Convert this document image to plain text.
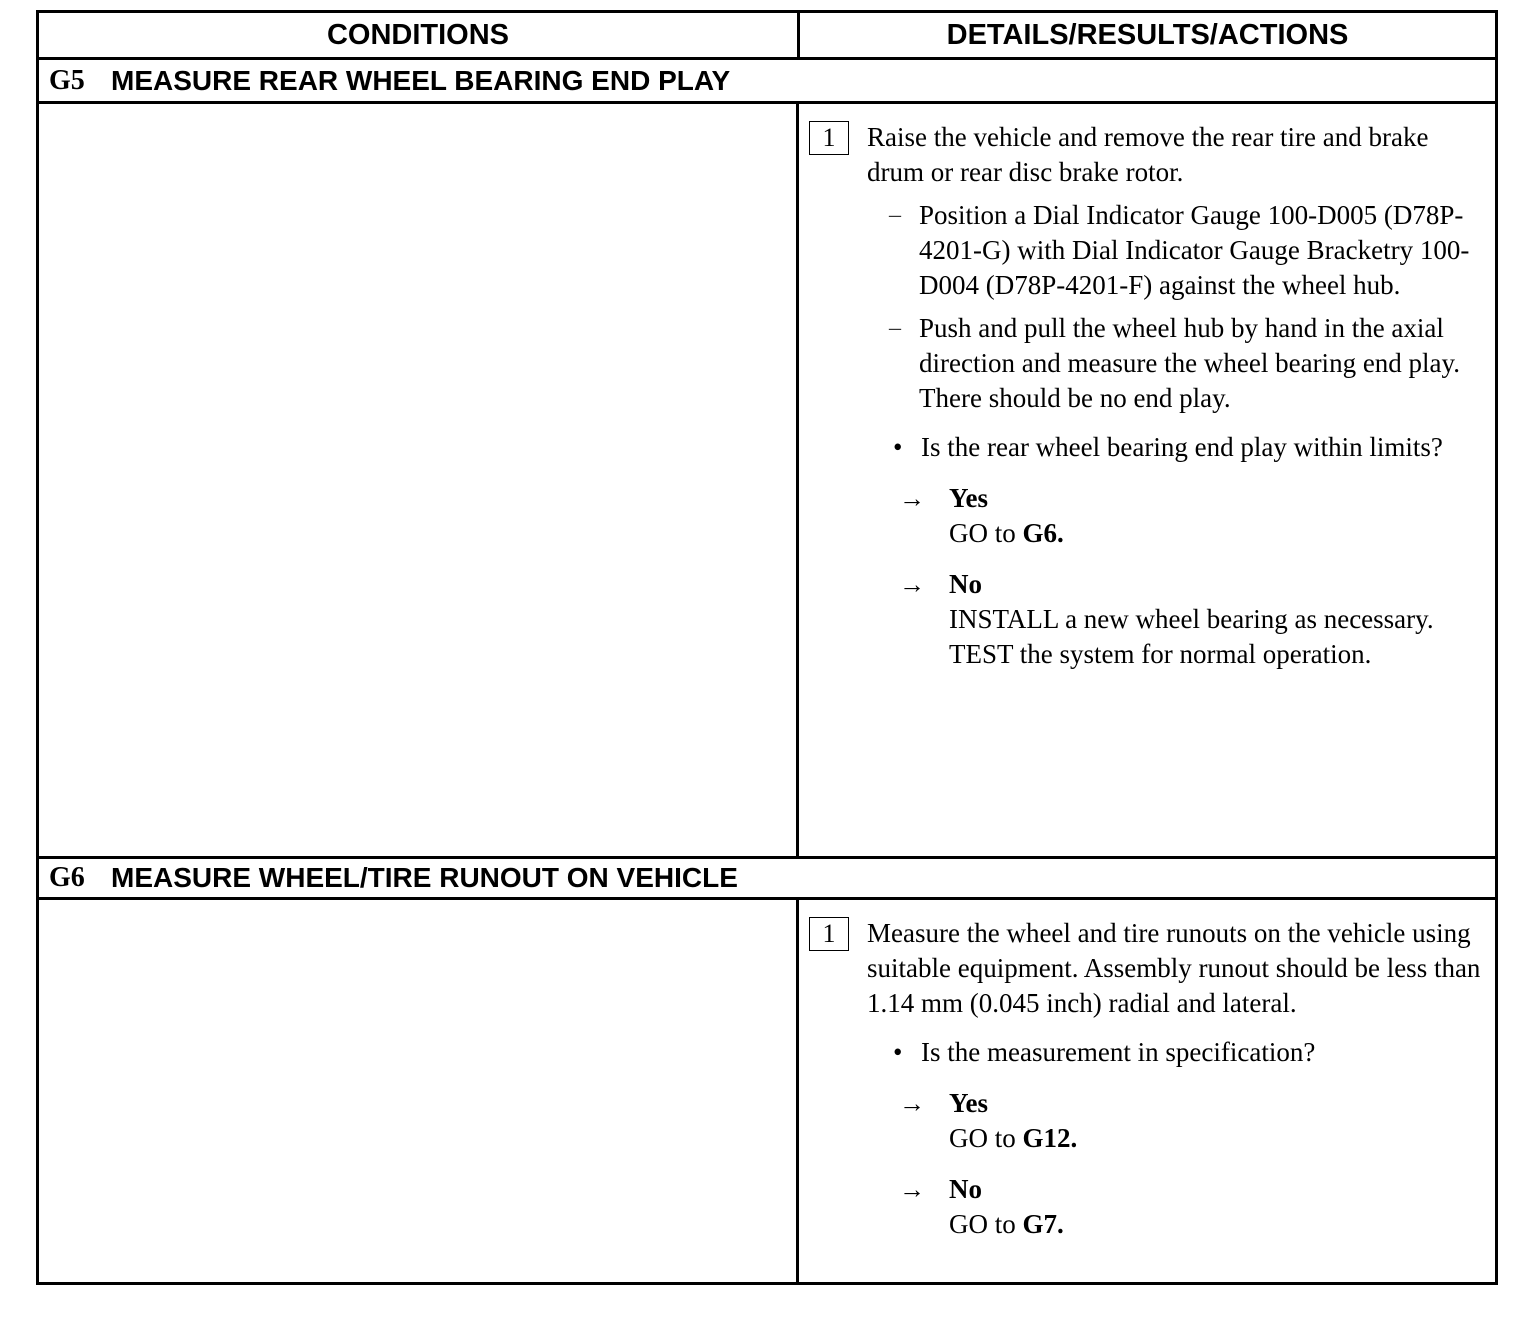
CONDITIONS	DETAILS/RESULTS/ACTIONS
G5 MEASURE REAR WHEEL BEARING END PLAY
1	Raise the vehicle and remove the rear tire and brake drum or rear disc brake rotor.
– Position a Dial Indicator Gauge 100-D005 (D78P-4201-G) with Dial Indicator Gauge Bracketry 100-D004 (D78P-4201-F) against the wheel hub.
– Push and pull the wheel hub by hand in the axial direction and measure the wheel bearing end play. There should be no end play.
• Is the rear wheel bearing end play within limits?
→ Yes
GO to G6.
→ No
INSTALL a new wheel bearing as necessary. TEST the system for normal operation.
G6 MEASURE WHEEL/TIRE RUNOUT ON VEHICLE
1	Measure the wheel and tire runouts on the vehicle using suitable equipment. Assembly runout should be less than 1.14 mm (0.045 inch) radial and lateral.
• Is the measurement in specification?
→ Yes
GO to G12.
→ No
GO to G7.
